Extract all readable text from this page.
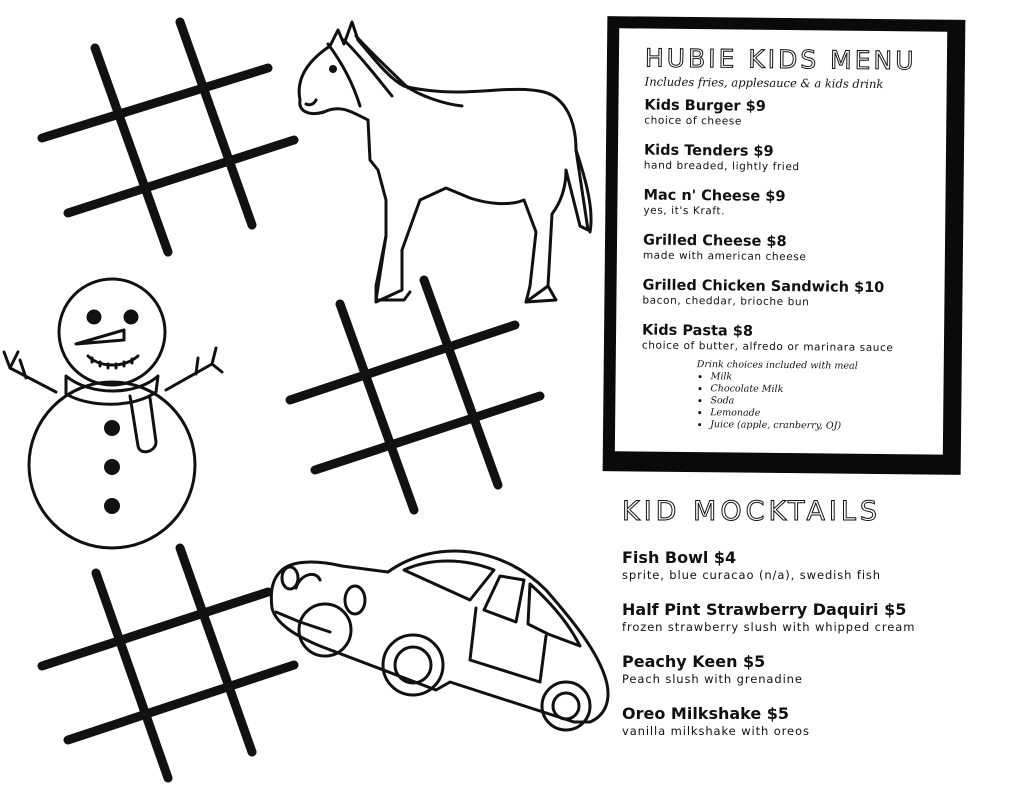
HUBIE KIDS MENU
Includes fries, applesauce & a kids drink
Kids Burger $9
choice of cheese
Kids Tenders $9
hand breaded, lightly fried
Mac n' Cheese $9
yes, it's Kraft.
Grilled Cheese $8
made with american cheese
Grilled Chicken Sandwich $10
bacon, cheddar, brioche bun
Kids Pasta $8
choice of butter, alfredo or marinara sauce
Drink choices included with meal
• Milk
• Chocolate Milk
• Soda
• Lemonade
• Juice (apple, cranberry, OJ)
KID MOCKTAILS
Fish Bowl $4
sprite, blue curacao (n/a), swedish fish
Half Pint Strawberry Daquiri $5
frozen strawberry slush with whipped cream
Peachy Keen $5
Peach slush with grenadine
Oreo Milkshake $5
vanilla milkshake with oreos
